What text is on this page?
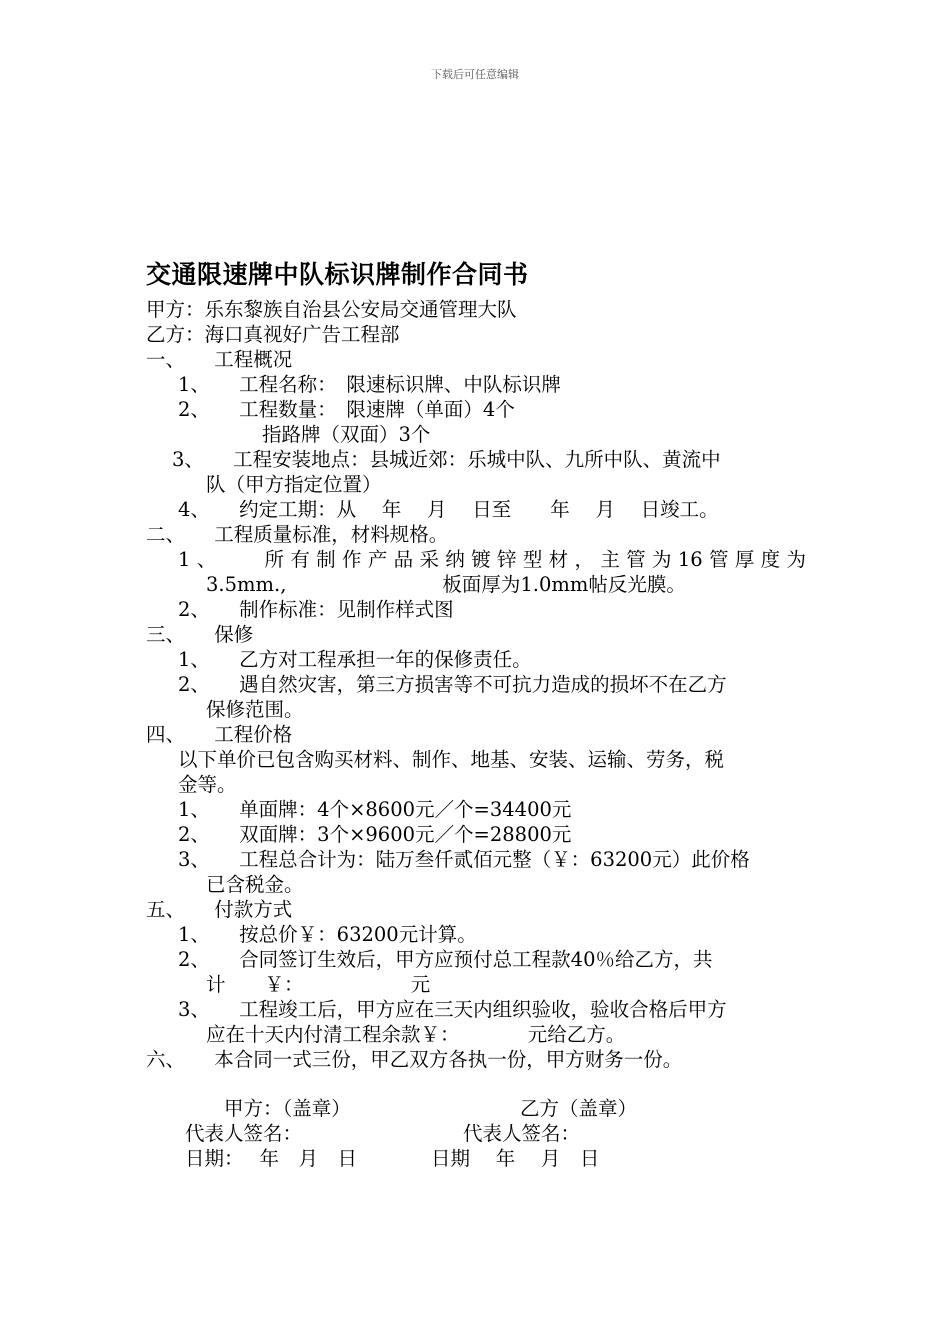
下载后可任意编辑
交通限速牌中队标识牌制作合同书
甲方：乐东黎族自治县公安局交通管理大队
乙方：海口真视好广告工程部
一、　　工程概况
1、　　工程名称：　限速标识牌、中队标识牌
2、　　工程数量：　限速牌（单面）4个
指路牌（双面）3个
3、　　工程安装地点：县城近郊：乐城中队、九所中队、黄流中
队（甲方指定位置）
4、　　约定工期：从　 年　 月　 日至　　年　 月　 日竣工。
二、　　工程质量标准，材料规格。
1、　　所有制作产品采纳镀锌型材，主管为16管厚度为
3.5mm.,　　　　　　　　板面厚为1.0mm帖反光膜。
2、　　制作标准：见制作样式图
三、　　保修
1、　　乙方对工程承担一年的保修责任。
2、　　遇自然灾害，第三方损害等不可抗力造成的损坏不在乙方
保修范围。
四、　　工程价格
以下单价已包含购买材料、制作、地基、安装、运输、劳务，税
金等。
1、　　单面牌：4个×8600元／个=34400元
2、　　双面牌：3个×9600元／个=28800元
3、　　工程总合计为：陆万叁仟贰佰元整（￥：63200元）此价格
已含税金。
五、　　付款方式
1、　　按总价￥：63200元计算。
2、　　合同签订生效后，甲方应预付总工程款40％给乙方，共
计　　￥：　　　　　　元
3、　　工程竣工后，甲方应在三天内组织验收，验收合格后甲方
应在十天内付清工程余款￥：　　　　元给乙方。
六、　　本合同一式三份，甲乙双方各执一份，甲方财务一份。
甲方：（盖章）	乙方（盖章）
代表人签名：	代表人签名：
日期：　 年　月　日	日期　 年　 月　日
